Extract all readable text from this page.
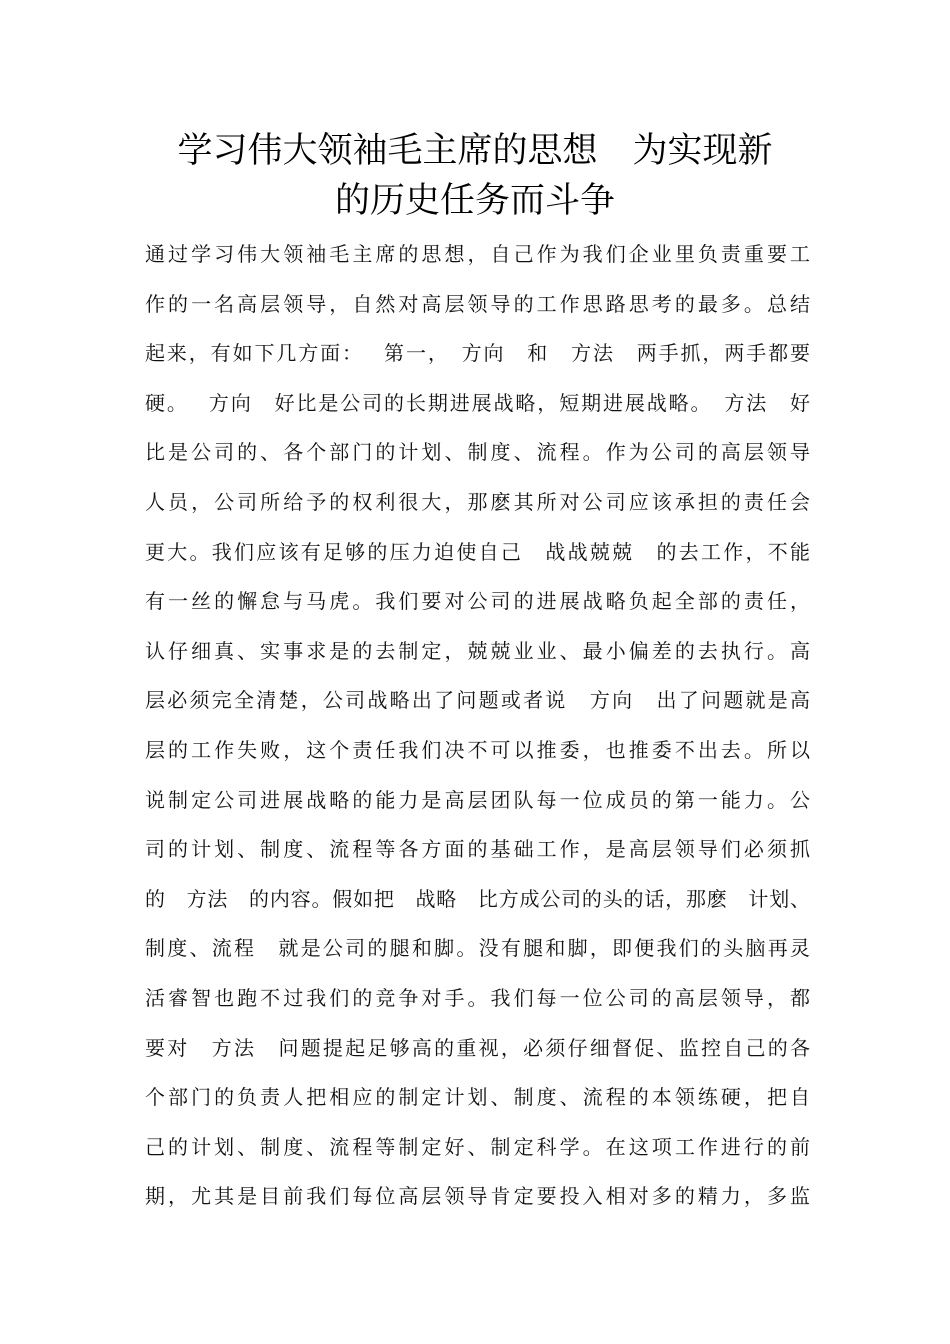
学习伟大领袖毛主席的思想　为实现新
的历史任务而斗争
通过学习伟大领袖毛主席的思想，自己作为我们企业里负责重要工
作的一名高层领导，自然对高层领导的工作思路思考的最多。总结
起来，有如下几方面：　 第一，　方向　和　方法　两手抓，两手都要
硬。　 方向　好比是公司的长期进展战略，短期进展战略。　方法　好
比是公司的、各个部门的计划、制度、流程。作为公司的高层领导
人员，公司所给予的权利很大，那麽其所对公司应该承担的责任会
更大。我们应该有足够的压力迫使自己　战战兢兢　的去工作，不能
有一丝的懈怠与马虎。我们要对公司的进展战略负起全部的责任，
认仔细真、实事求是的去制定，兢兢业业、最小偏差的去执行。高
层必须完全清楚，公司战略出了问题或者说　方向　出了问题就是高
层的工作失败，这个责任我们决不可以推委，也推委不出去。所以
说制定公司进展战略的能力是高层团队每一位成员的第一能力。公
司的计划、制度、流程等各方面的基础工作，是高层领导们必须抓
的　方法　的内容。假如把　战略　比方成公司的头的话，那麽　计划、
制度、流程　就是公司的腿和脚。没有腿和脚，即便我们的头脑再灵
活睿智也跑不过我们的竞争对手。我们每一位公司的高层领导，都
要对　方法　问题提起足够高的重视，必须仔细督促、监控自己的各
个部门的负责人把相应的制定计划、制度、流程的本领练硬，把自
己的计划、制度、流程等制定好、制定科学。在这项工作进行的前
期，尤其是目前我们每位高层领导肯定要投入相对多的精力，多监
